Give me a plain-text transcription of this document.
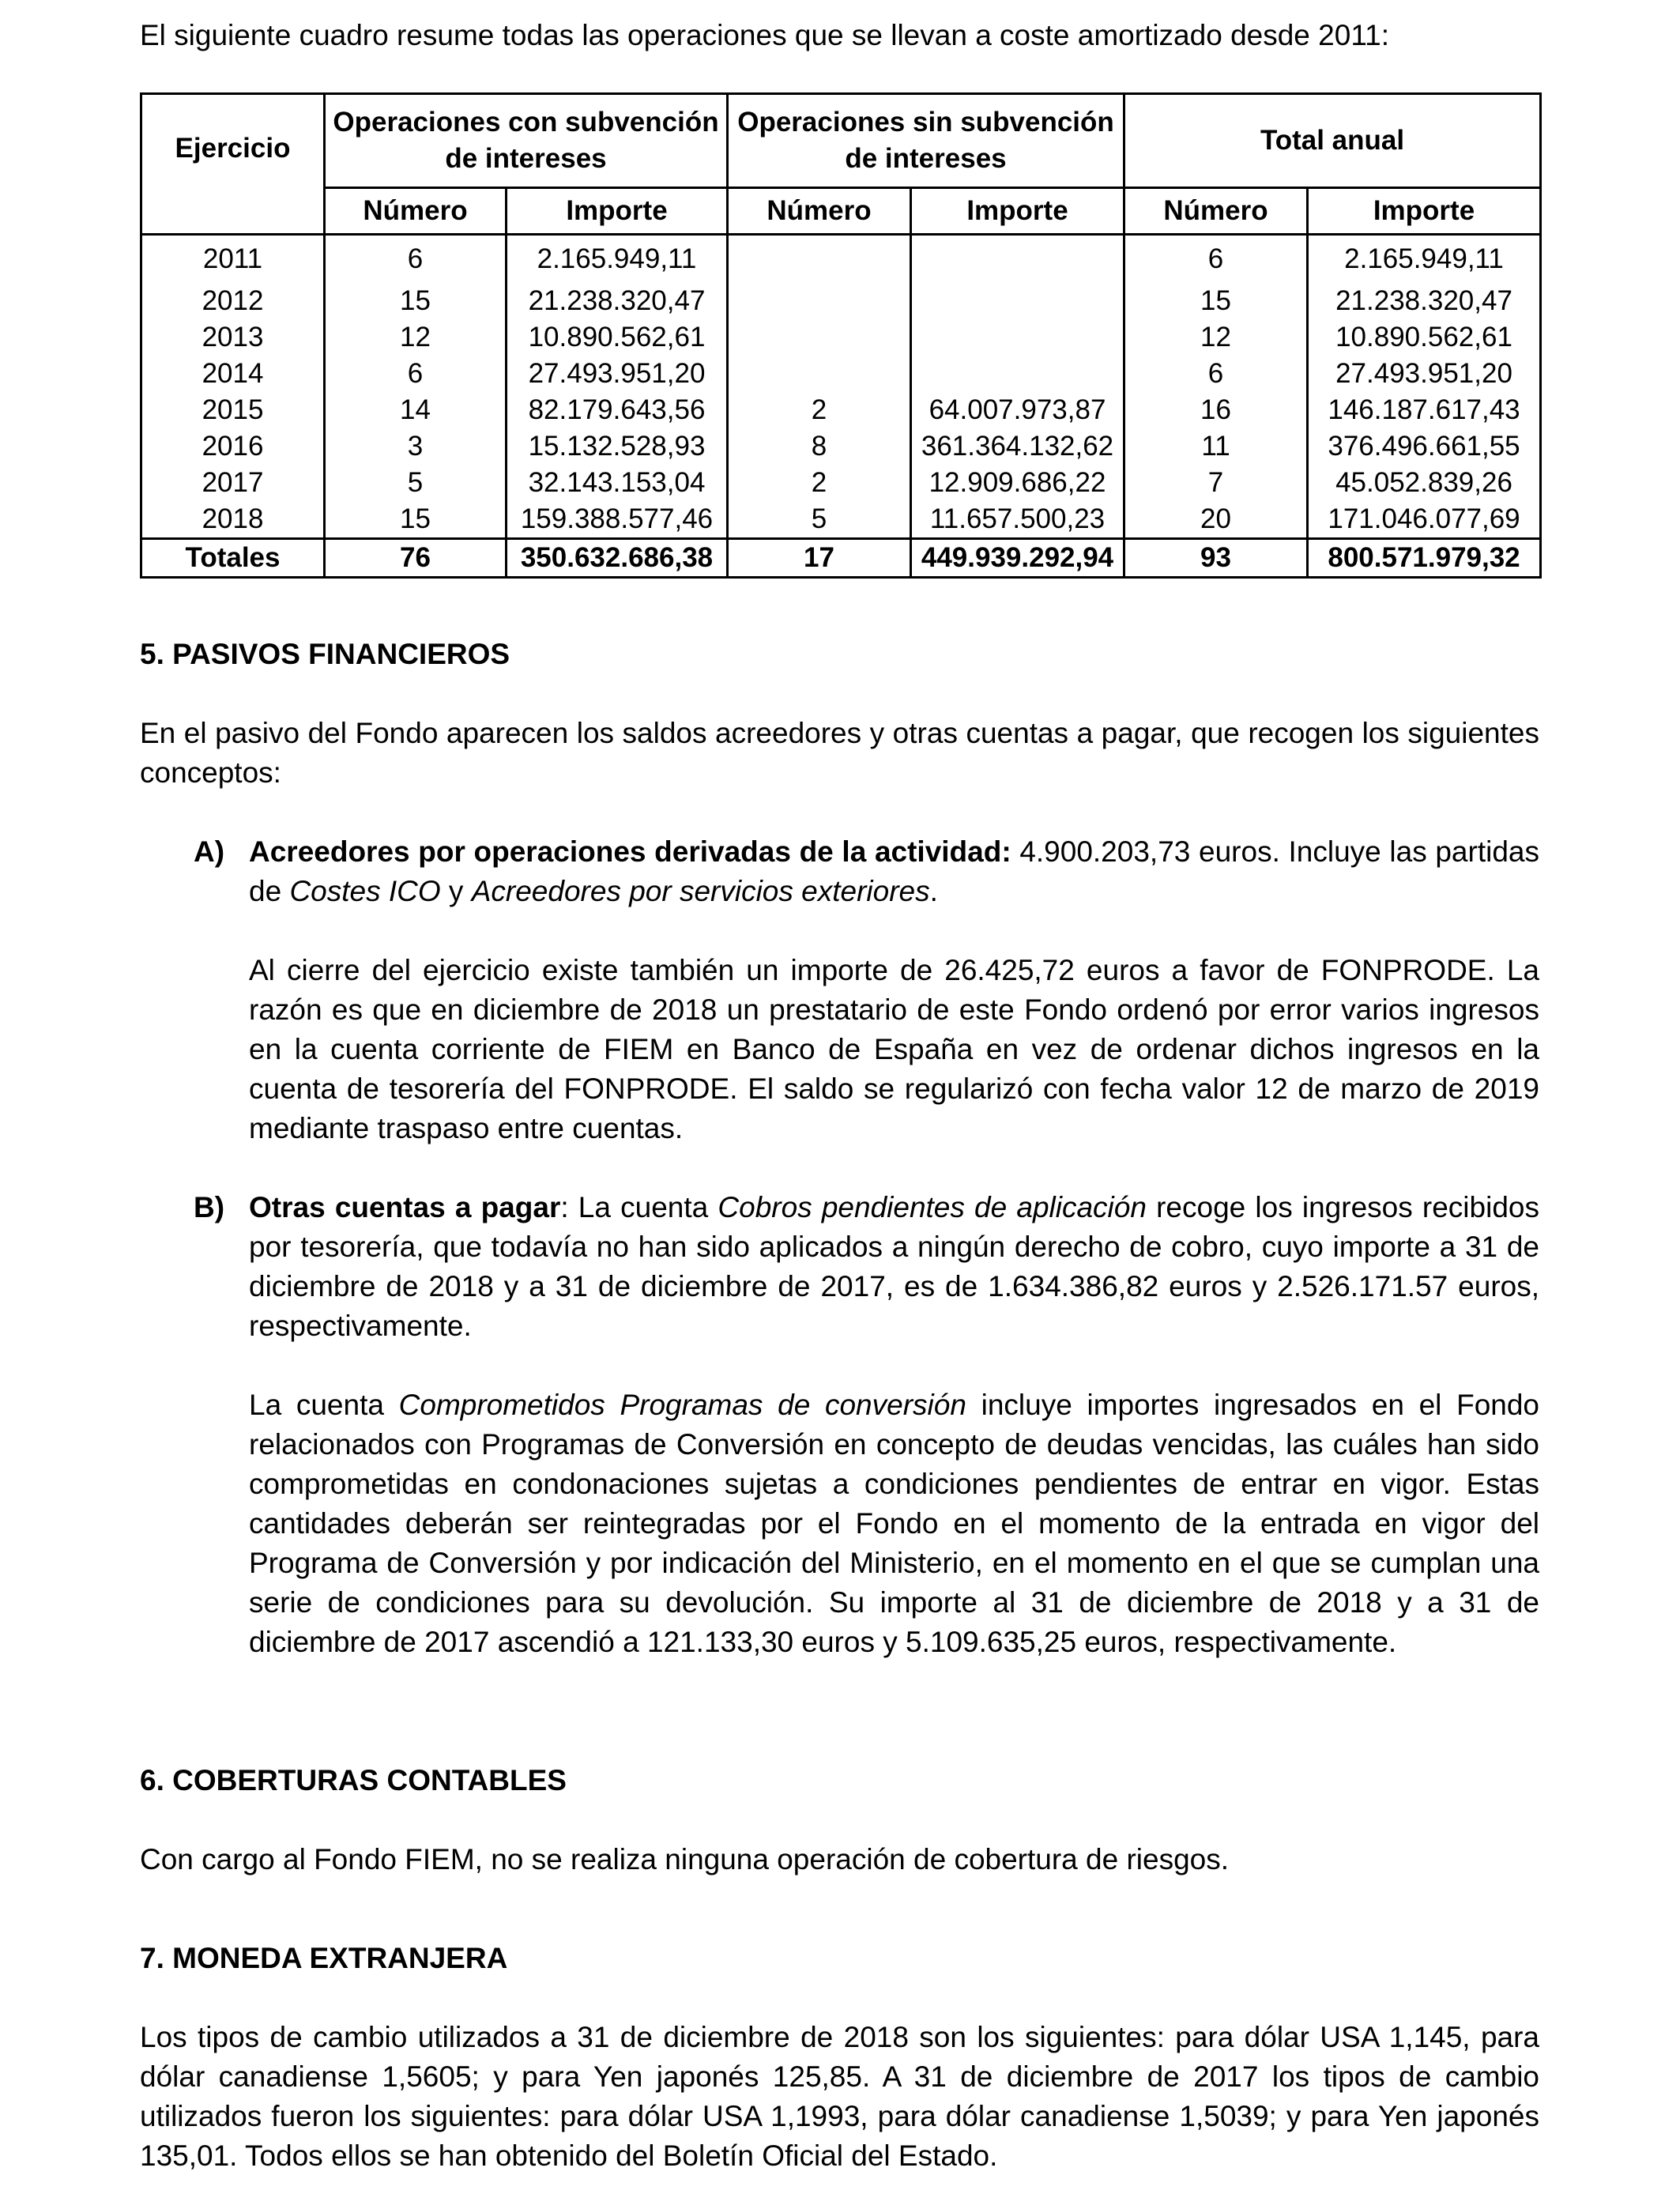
El siguiente cuadro resume todas las operaciones que se llevan a coste amortizado desde 2011:

Ejercicio	Operaciones con subvención de intereses		Operaciones sin subvención de intereses		Total anual	
	Número	Importe	Número	Importe	Número	Importe
2011	6	2.165.949,11			6	2.165.949,11
2012	15	21.238.320,47			15	21.238.320,47
2013	12	10.890.562,61			12	10.890.562,61
2014	6	27.493.951,20			6	27.493.951,20
2015	14	82.179.643,56	2	64.007.973,87	16	146.187.617,43
2016	3	15.132.528,93	8	361.364.132,62	11	376.496.661,55
2017	5	32.143.153,04	2	12.909.686,22	7	45.052.839,26
2018	15	159.388.577,46	5	11.657.500,23	20	171.046.077,69
Totales	76	350.632.686,38	17	449.939.292,94	93	800.571.979,32

5. PASIVOS FINANCIEROS

En el pasivo del Fondo aparecen los saldos acreedores y otras cuentas a pagar, que recogen los siguientes conceptos:

A) Acreedores por operaciones derivadas de la actividad: 4.900.203,73 euros. Incluye las partidas de Costes ICO y Acreedores por servicios exteriores.

Al cierre del ejercicio existe también un importe de 26.425,72 euros a favor de FONPRODE. La razón es que en diciembre de 2018 un prestatario de este Fondo ordenó por error varios ingresos en la cuenta corriente de FIEM en Banco de España en vez de ordenar dichos ingresos en la cuenta de tesorería del FONPRODE. El saldo se regularizó con fecha valor 12 de marzo de 2019 mediante traspaso entre cuentas.

B) Otras cuentas a pagar: La cuenta Cobros pendientes de aplicación recoge los ingresos recibidos por tesorería, que todavía no han sido aplicados a ningún derecho de cobro, cuyo importe a 31 de diciembre de 2018 y a 31 de diciembre de 2017, es de 1.634.386,82 euros y 2.526.171.57 euros, respectivamente.

La cuenta Comprometidos Programas de conversión incluye importes ingresados en el Fondo relacionados con Programas de Conversión en concepto de deudas vencidas, las cuáles han sido comprometidas en condonaciones sujetas a condiciones pendientes de entrar en vigor. Estas cantidades deberán ser reintegradas por el Fondo en el momento de la entrada en vigor del Programa de Conversión y por indicación del Ministerio, en el momento en el que se cumplan una serie de condiciones para su devolución. Su importe al 31 de diciembre de 2018 y a 31 de diciembre de 2017 ascendió a 121.133,30 euros y 5.109.635,25 euros, respectivamente.

6. COBERTURAS CONTABLES

Con cargo al Fondo FIEM, no se realiza ninguna operación de cobertura de riesgos.

7. MONEDA EXTRANJERA

Los tipos de cambio utilizados a 31 de diciembre de 2018 son los siguientes: para dólar USA 1,145, para dólar canadiense 1,5605; y para Yen japonés 125,85. A 31 de diciembre de 2017 los tipos de cambio utilizados fueron los siguientes: para dólar USA 1,1993, para dólar canadiense 1,5039; y para Yen japonés 135,01. Todos ellos se han obtenido del Boletín Oficial del Estado.
